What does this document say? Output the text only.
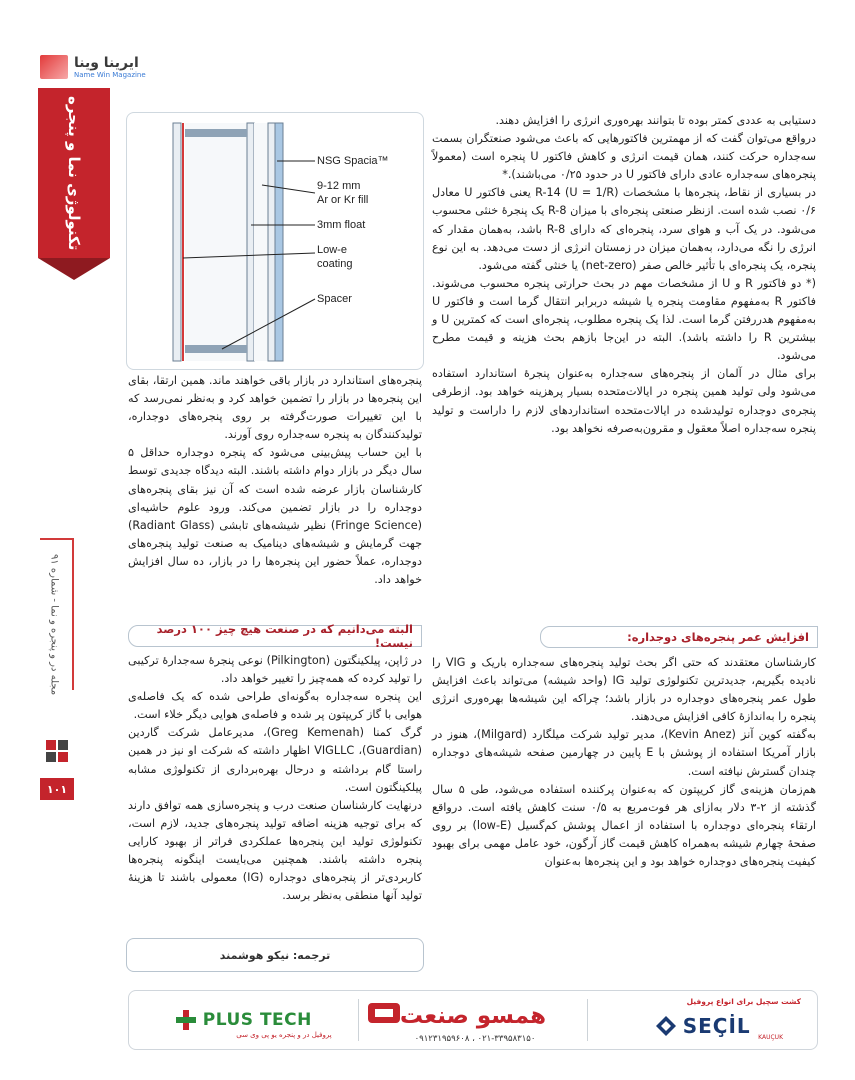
ایرینا وینا
Name Win Magazine
تکنولوژی نما و پنجره
مجله در و پنجره و نما - شماره ۹۱
۱۰۱
NSG Spacia™
9-12 mm
Ar or Kr fill
3mm float
Low-e
coating
Spacer

دستیابی به عددی کمتر بوده تا بتوانند بهره‌وری انرژی را افزایش دهند.

درواقع می‌توان گفت که از مهمترین فاکتورهایی که باعث می‌شود صنعتگران بسمت سه‌جداره حرکت کنند، همان قیمت انرژی و کاهش فاکتور U پنجره است (معمولاً پنجره‌های سه‌جداره عادی دارای فاکتور U در حدود ۰/۲۵ می‌باشند).*

در بسیاری از نقاط، پنجره‌ها با مشخصات (U = 1/R) R-14 یعنی فاکتور U معادل ۰/۶ نصب شده است. ازنظر صنعتی پنجره‌ای با میزان R-8 یک پنجرۀ خنثی محسوب می‌شود. در یک آب و هوای سرد، پنجره‌ای که دارای R-8 باشد، به‌همان مقدار که انرژی را نگه می‌دارد، به‌همان میزان در زمستان انرژی از دست می‌دهد. به این نوع پنجره، یک پنجره‌ای با تأثیر خالص صفر (net-zero) یا خنثی گفته می‌شود.

(* دو فاکتور R و U از مشخصات مهم در بحث حرارتی پنجره محسوب می‌شوند. فاکتور R به‌مفهوم مقاومت پنجره یا شیشه دربرابر انتقال گرما است و فاکتور U به‌مفهوم هدررفتن گرما است. لذا یک پنجره مطلوب، پنجره‌ای است که کمترین U و بیشترین R را داشته باشد). البته در این‌جا بازهم بحث هزینه و قیمت مطرح می‌شود.

برای مثال در آلمان از پنجره‌های سه‌جداره به‌عنوان پنجرۀ استاندارد استفاده می‌شود ولی تولید همین پنجره در ایالات‌متحده بسیار پرهزینه خواهد بود. ازطرفی پنجره‌ی دوجداره تولیدشده در ایالات‌متحده استانداردهای لازم را داراست و تولید پنجره سه‌جداره اصلاً معقول و مقرون‌به‌صرفه نخواهد بود.

افزایش عمر پنجره‌های دوجداره:

کارشناسان معتقدند که حتی اگر بحث تولید پنجره‌های سه‌جداره باریک و VIG را نادیده بگیریم، جدیدترین تکنولوژی تولید IG (واحد شیشه) می‌تواند باعث افزایش طول عمر پنجره‌های دوجداره در بازار باشد؛ چراکه این شیشه‌ها بهره‌وری انرژی پنجره را به‌اندازۀ کافی افزایش می‌دهند.

به‌گفته کوین آنز (Kevin Anez)، مدیر تولید شرکت میلگارد (Milgard)، هنوز در بازار آمریکا استفاده از پوشش با E پایین در چهارمین صفحه شیشه‌های دوجداره چندان گسترش نیافته است.

هم‌زمان هزینه‌ی گاز کریپتون که به‌عنوان پرکننده استفاده می‌شود، طی ۵ سال گذشته از ۲-۳ دلار به‌ازای هر فوت‌مربع به ۰/۵ سنت کاهش یافته است. درواقع ارتقاء پنجره‌ای دوجداره با استفاده از اعمال پوشش کم‌گسیل (low-E) بر روی صفحۀ چهارم شیشه به‌همراه کاهش قیمت گاز آرگون، خود عامل مهمی برای بهبود کیفیت پنجره‌های دوجداره خواهد بود و این پنجره‌ها به‌عنوان

پنجره‌های استاندارد در بازار باقی خواهند ماند. همین ارتقا، بقای این پنجره‌ها در بازار را تضمین خواهد کرد و به‌نظر نمی‌رسد که با این تغییرات صورت‌گرفته بر روی پنجره‌های دوجداره، تولیدکنندگان به پنجره سه‌جداره روی آورند.

با این حساب پیش‌بینی می‌شود که پنجره دوجداره حداقل ۵ سال دیگر در بازار دوام داشته باشند. البته دیدگاه جدیدی توسط کارشناسان بازار عرضه شده است که آن نیز بقای پنجره‌های دوجداره را در بازار تضمین می‌کند. ورود علوم حاشیه‌ای (Fringe Science) نظیر شیشه‌های تابشی (Radiant Glass) جهت گرمایش و شیشه‌های دینامیک به صنعت تولید پنجره‌های دوجداره، عملاً حضور این پنجره‌ها را در بازار، ده سال افزایش خواهد داد.

البته می‌دانیم که در صنعت هیچ چیز ۱۰۰ درصد نیست!

در ژاپن، پیلکینگتون (Pilkington) نوعی پنجرۀ سه‌جدارۀ ترکیبی را تولید کرده که همه‌چیز را تغییر خواهد داد.

این پنجره سه‌جداره به‌گونه‌ای طراحی شده که یک فاصله‌ی هوایی با گاز کریپتون پر شده و فاصله‌ی هوایی دیگر خلاء است.

گرگ کمنا (Greg Kemenah)، مدیرعامل شرکت گاردین (Guardian)، VIGLLC اظهار داشته که شرکت او نیز در همین راستا گام برداشته و درحال بهره‌برداری از تکنولوژی مشابه پیلکینگتون است.

درنهایت کارشناسان صنعت درب و پنجره‌سازی همه توافق دارند که برای توجیه هزینه اضافه تولید پنجره‌های جدید، لازم است، تکنولوژی تولید این پنجره‌ها عملکردی فراتر از بهبود کارایی پنجره داشته باشند. همچنین می‌بایست اینگونه پنجره‌ها کاربردی‌تر از پنجره‌های دوجداره (IG) معمولی باشند تا هزینۀ تولید آنها منطقی به‌نظر برسد.

ترجمه: نیکو هوشمند
PLUS TECH
پروفیل در و پنجره یو پی وی سی
همسو صنعت
۰۲۱-۳۳۹۵۸۳۱۵۰ ، ۰۹۱۲۳۱۹۵۹۶۰۸
کشت سچیل برای انواع پروفیل
SEÇİL KAUÇUK
